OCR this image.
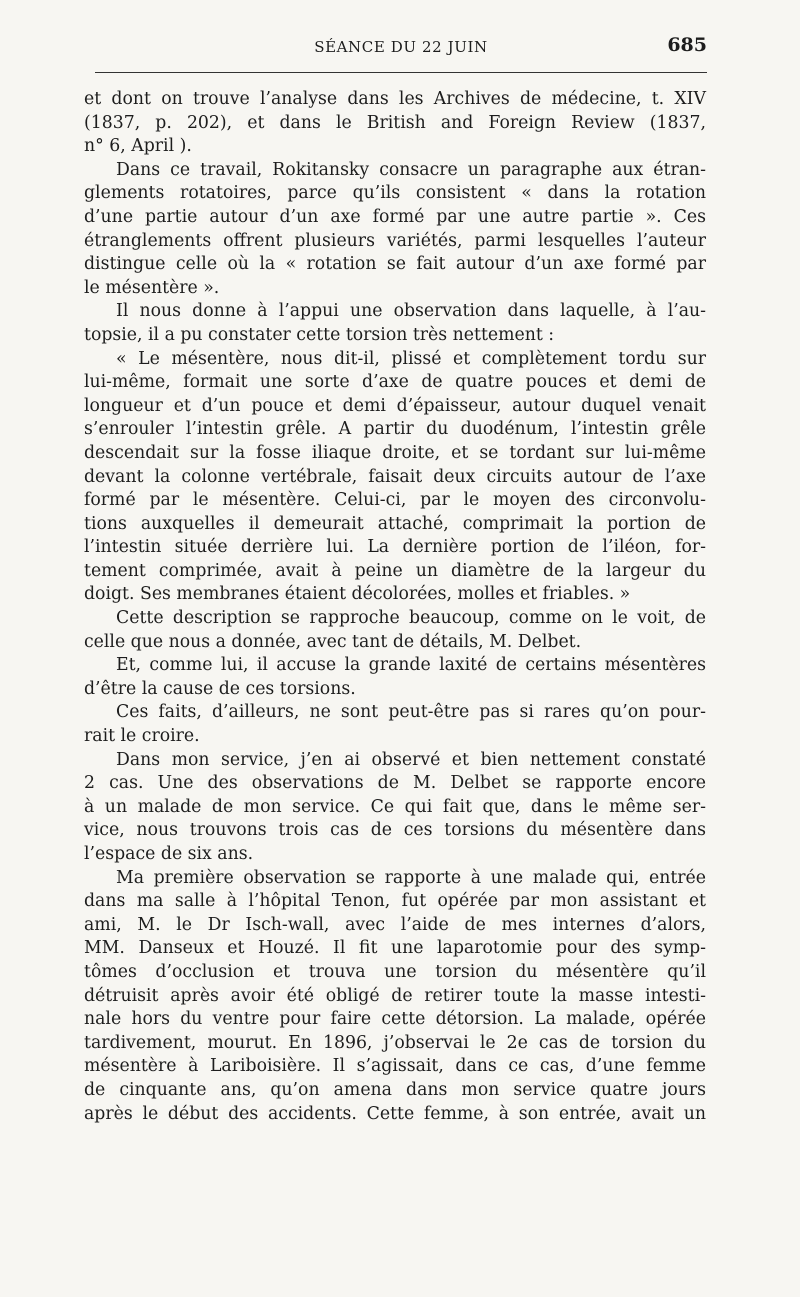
SÉANCE DU 22 JUIN	685
et dont on trouve l’analyse dans les Archives de médecine, t. XIV
(1837, p. 202), et dans le British and Foreign Review (1837,
n° 6, April ).
Dans ce travail, Rokitansky consacre un paragraphe aux étran-
glements rotatoires, parce qu’ils consistent « dans la rotation
d’une partie autour d’un axe formé par une autre partie ». Ces
étranglements offrent plusieurs variétés, parmi lesquelles l’auteur
distingue celle où la « rotation se fait autour d’un axe formé par
le mésentère ».
Il nous donne à l’appui une observation dans laquelle, à l’au-
topsie, il a pu constater cette torsion très nettement :
« Le mésentère, nous dit-il, plissé et complètement tordu sur
lui-même, formait une sorte d’axe de quatre pouces et demi de
longueur et d’un pouce et demi d’épaisseur, autour duquel venait
s’enrouler l’intestin grêle. A partir du duodénum, l’intestin grêle
descendait sur la fosse iliaque droite, et se tordant sur lui-même
devant la colonne vertébrale, faisait deux circuits autour de l’axe
formé par le mésentère. Celui-ci, par le moyen des circonvolu-
tions auxquelles il demeurait attaché, comprimait la portion de
l’intestin située derrière lui. La dernière portion de l’iléon, for-
tement comprimée, avait à peine un diamètre de la largeur du
doigt. Ses membranes étaient décolorées, molles et friables. »
Cette description se rapproche beaucoup, comme on le voit, de
celle que nous a donnée, avec tant de détails, M. Delbet.
Et, comme lui, il accuse la grande laxité de certains mésentères
d’être la cause de ces torsions.
Ces faits, d’ailleurs, ne sont peut-être pas si rares qu’on pour-
rait le croire.
Dans mon service, j’en ai observé et bien nettement constaté
2 cas. Une des observations de M. Delbet se rapporte encore
à un malade de mon service. Ce qui fait que, dans le même ser-
vice, nous trouvons trois cas de ces torsions du mésentère dans
l’espace de six ans.
Ma première observation se rapporte à une malade qui, entrée
dans ma salle à l’hôpital Tenon, fut opérée par mon assistant et
ami, M. le Dr Isch-wall, avec l’aide de mes internes d’alors,
MM. Danseux et Houzé. Il fit une laparotomie pour des symp-
tômes d’occlusion et trouva une torsion du mésentère qu’il
détruisit après avoir été obligé de retirer toute la masse intesti-
nale hors du ventre pour faire cette détorsion. La malade, opérée
tardivement, mourut. En 1896, j’observai le 2e cas de torsion du
mésentère à Lariboisière. Il s’agissait, dans ce cas, d’une femme
de cinquante ans, qu’on amena dans mon service quatre jours
après le début des accidents. Cette femme, à son entrée, avait un
